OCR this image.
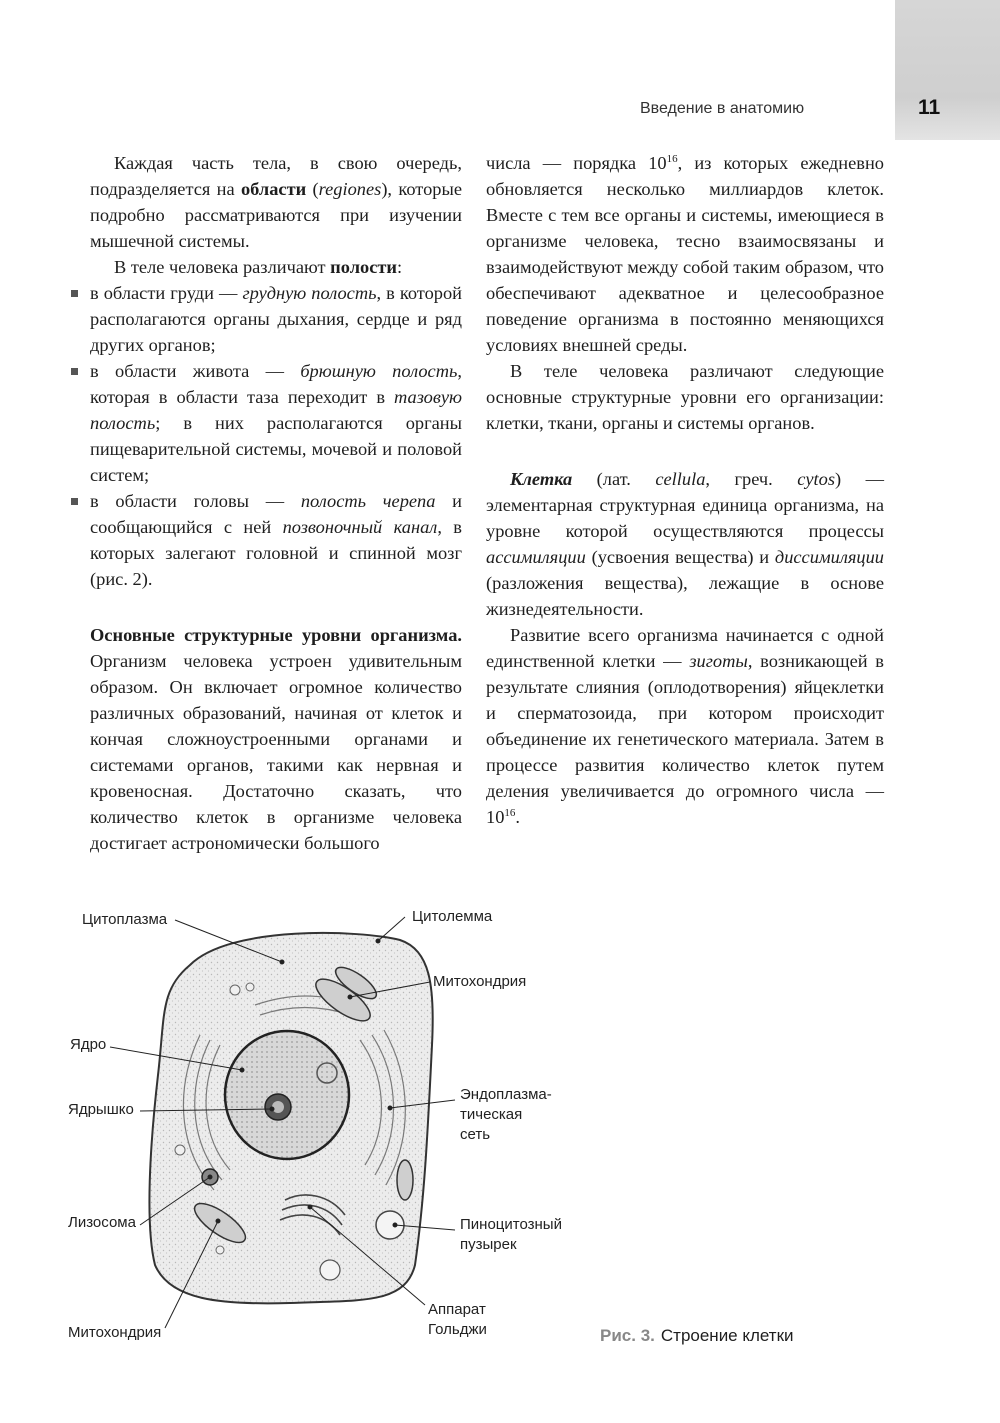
Введение в анатомию	11

Каждая часть тела, в свою очередь, подразделяется на области (regiones), которые подробно рассматриваются при изучении мышечной системы.

В теле человека различают полости:

в области груди — грудную полость, в которой располагаются органы дыхания, сердце и ряд других органов;
в области живота — брюшную полость, которая в области таза переходит в тазовую полость; в них располагаются органы пищеварительной системы, мочевой и половой систем;
в области головы — полость черепа и сообщающийся с ней позвоночный канал, в которых залегают головной и спинной мозг (рис. 2).

Основные структурные уровни организма. Организм человека устроен удивительным образом. Он включает огромное количество различных образований, начиная от клеток и кончая сложноустроенными органами и системами органов, такими как нервная и кровеносная. Достаточно сказать, что количество клеток в организме человека достигает астрономически большого

числа — порядка $10^{16}$, из которых ежедневно обновляется несколько миллиардов клеток. Вместе с тем все органы и системы, имеющиеся в организме человека, тесно взаимосвязаны и взаимодействуют между собой таким образом, что обеспечивают адекватное и целесообразное поведение организма в постоянно меняющихся условиях внешней среды.

В теле человека различают следующие основные структурные уровни его организации: клетки, ткани, органы и системы органов.

Клетка (лат. cellula, греч. cytos) — элементарная структурная единица организма, на уровне которой осуществляются процессы ассимиляции (усвоения вещества) и диссимиляции (разложения вещества), лежащие в основе жизнедеятельности.

Развитие всего организма начинается с одной единственной клетки — зиготы, возникающей в результате слияния (оплодотворения) яйцеклетки и сперматозоида, при котором происходит объединение их генетического материала. Затем в процессе развития количество клеток путем деления увеличивается до огромного числа — $10^{16}$.

Цитоплазма	Цитолемма
Митохондрия
Ядро
Ядрышко
Эндоплазма-
тическая
сеть
Лизосома	Пиноцитозный
пузырек
Митохондрия
Аппарат
Гольджи	Рис. 3. Строение клетки
